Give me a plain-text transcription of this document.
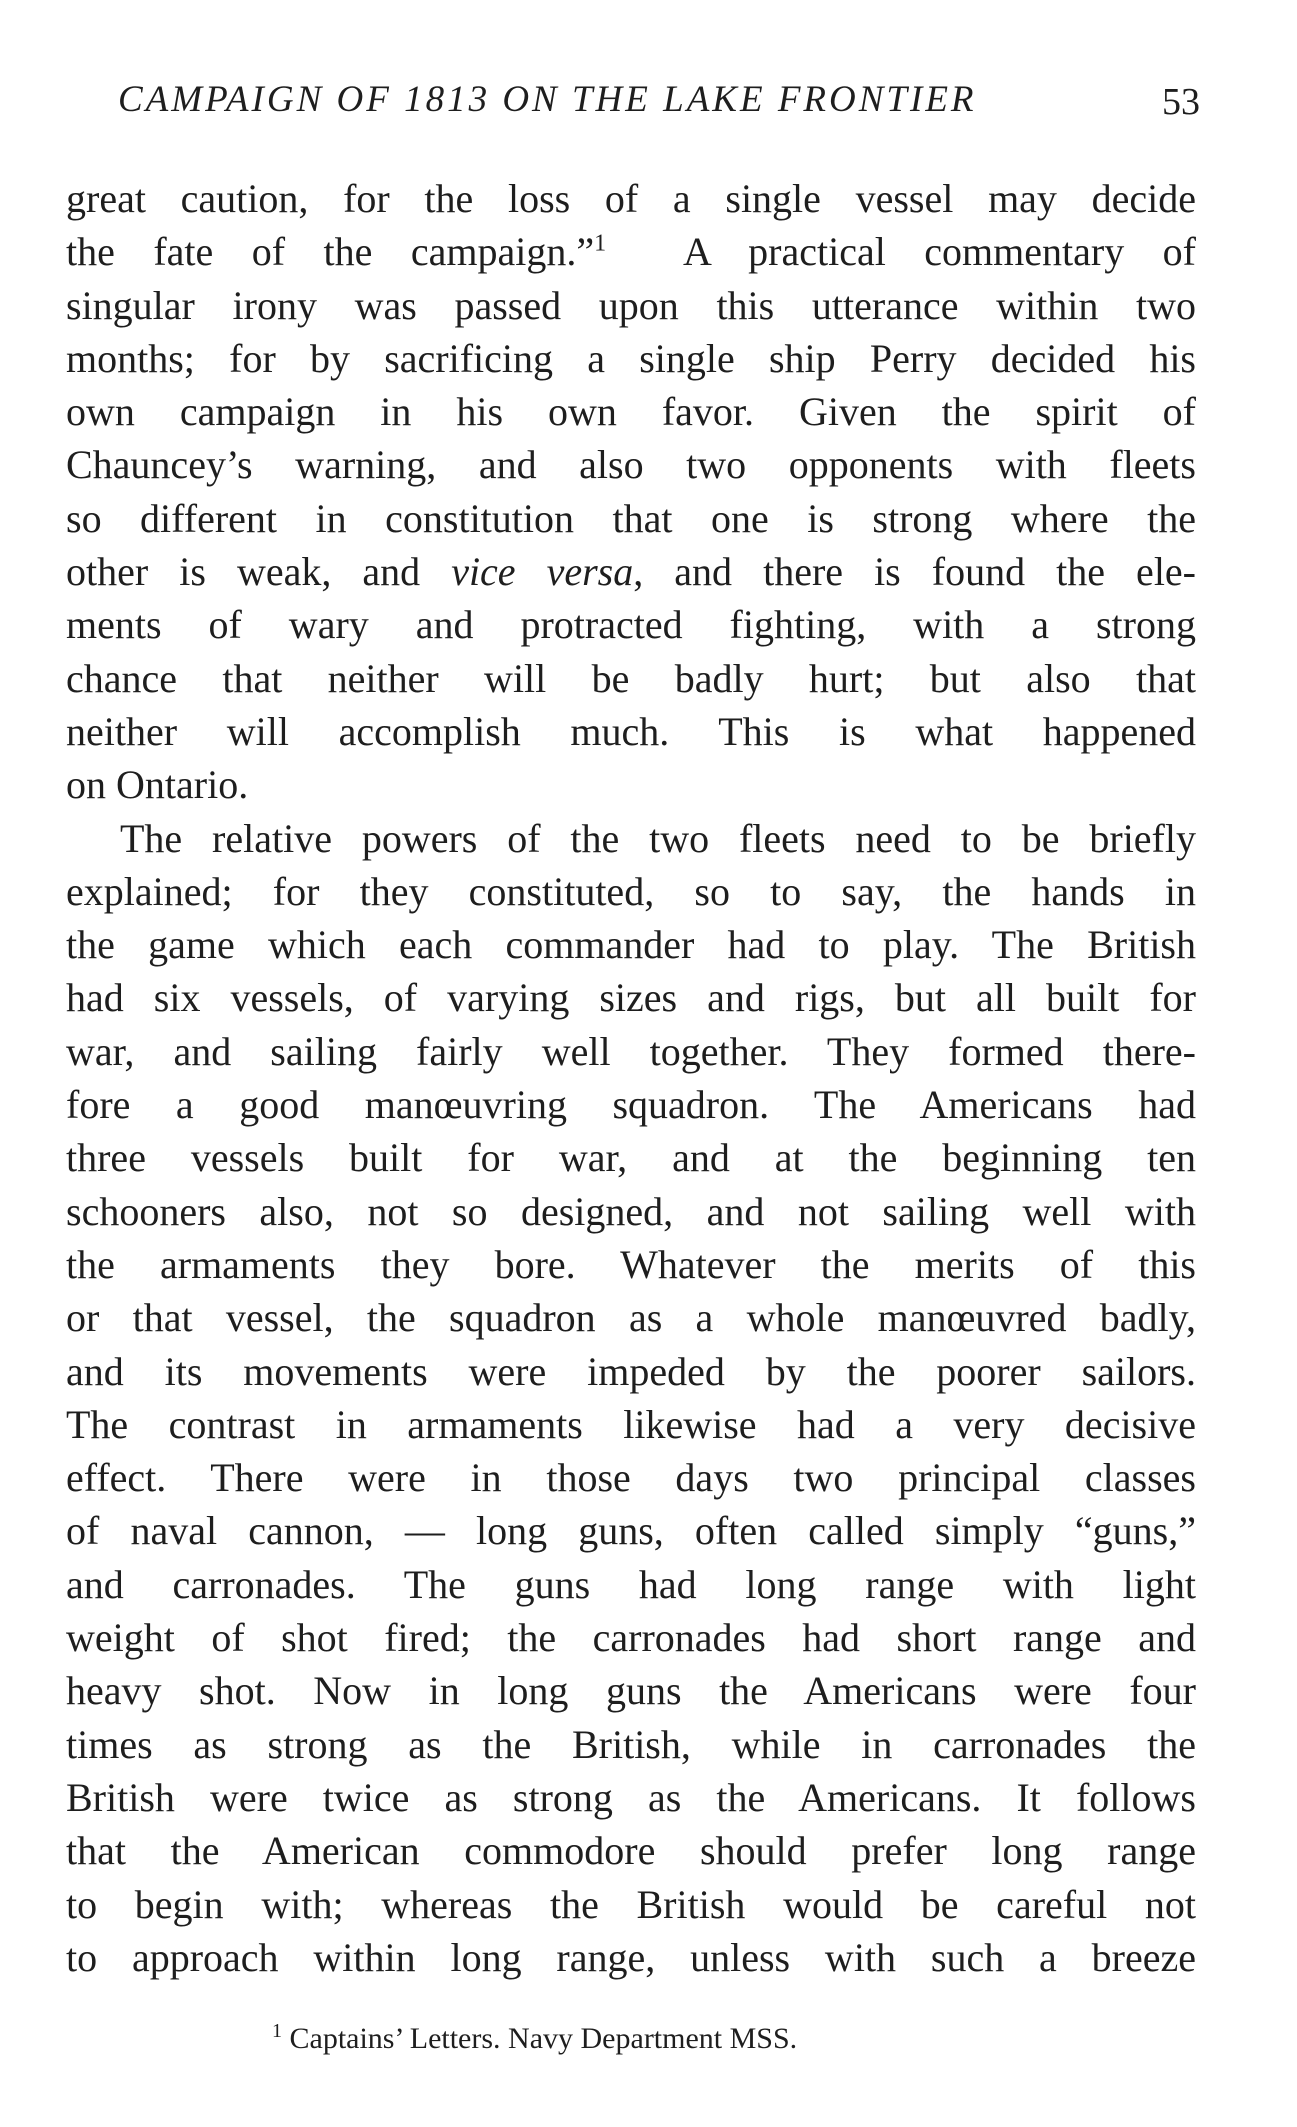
CAMPAIGN OF 1813 ON THE LAKE FRONTIER	53
great caution, for the loss of a single vessel may decide
the fate of the campaign.”$^1$ A practical commentary of
singular irony was passed upon this utterance within two
months; for by sacrificing a single ship Perry decided his
own campaign in his own favor. Given the spirit of
Chauncey’s warning, and also two opponents with fleets
so different in constitution that one is strong where the
other is weak, and vice versa, and there is found the ele-
ments of wary and protracted fighting, with a strong
chance that neither will be badly hurt; but also that
neither will accomplish much. This is what happened
on Ontario.
The relative powers of the two fleets need to be briefly
explained; for they constituted, so to say, the hands in
the game which each commander had to play. The British
had six vessels, of varying sizes and rigs, but all built for
war, and sailing fairly well together. They formed there-
fore a good manœuvring squadron. The Americans had
three vessels built for war, and at the beginning ten
schooners also, not so designed, and not sailing well with
the armaments they bore. Whatever the merits of this
or that vessel, the squadron as a whole manœuvred badly,
and its movements were impeded by the poorer sailors.
The contrast in armaments likewise had a very decisive
effect. There were in those days two principal classes
of naval cannon, — long guns, often called simply “guns,”
and carronades. The guns had long range with light
weight of shot fired; the carronades had short range and
heavy shot. Now in long guns the Americans were four
times as strong as the British, while in carronades the
British were twice as strong as the Americans. It follows
that the American commodore should prefer long range
to begin with; whereas the British would be careful not
to approach within long range, unless with such a breeze
$^1$ Captains’ Letters. Navy Department MSS.
